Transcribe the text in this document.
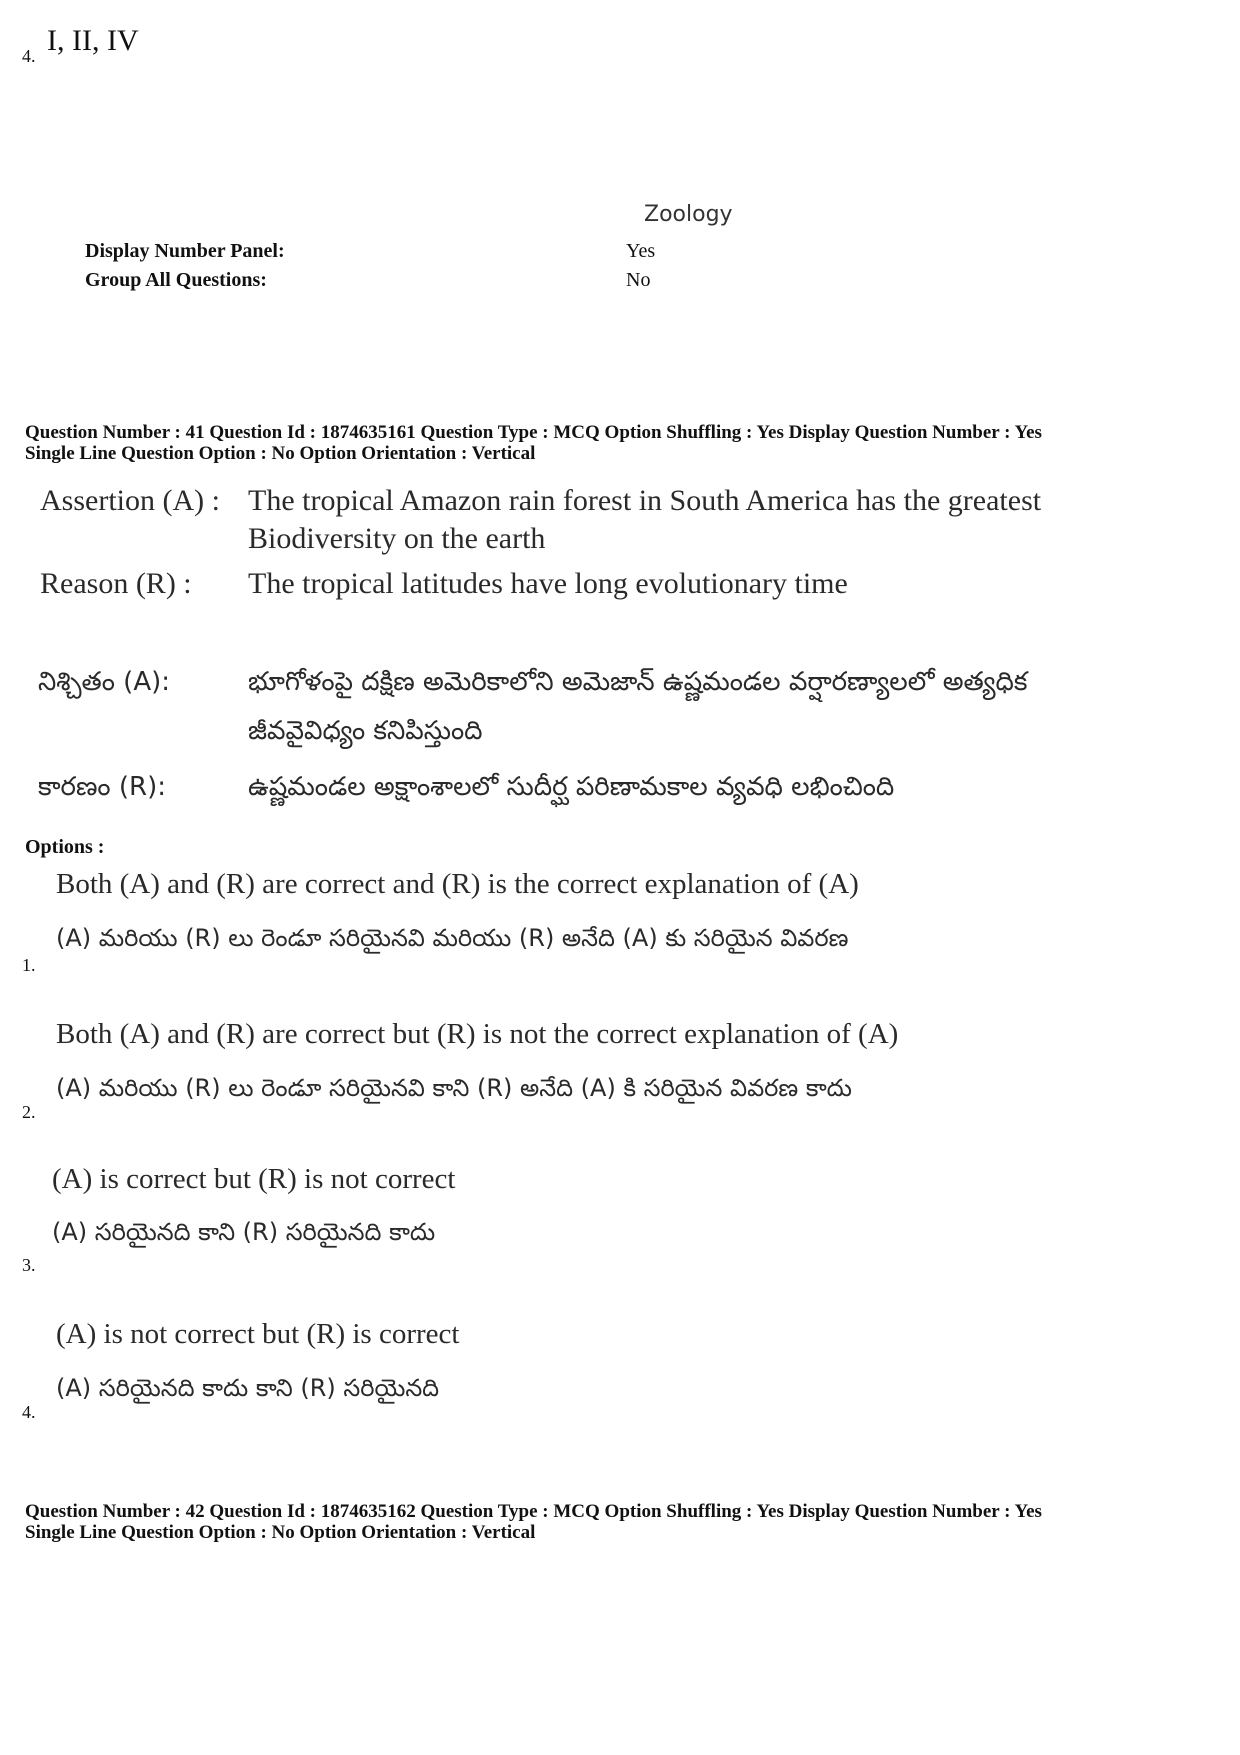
4. I, II, IV
Zoology
Display Number Panel:	Yes
Group All Questions:	No
Question Number : 41 Question Id : 1874635161 Question Type : MCQ Option Shuffling : Yes Display Question Number : Yes
Single Line Question Option : No Option Orientation : Vertical
Assertion (A) : The tropical Amazon rain forest in South America has the greatest
Biodiversity on the earth
Reason (R) : The tropical latitudes have long evolutionary time
నిశ్చితం (A):	భూగోళంపై దక్షిణ అమెరికాలోని అమెజాన్ ఉష్ణమండల వర్షారణ్యాలలో అత్యధిక
జీవవైవిధ్యం కనిపిస్తుంది
కారణం (R):	ఉష్ణమండల అక్షాంశాలలో సుదీర్ఘ పరిణామకాల వ్యవధి లభించింది
Options :
Both (A) and (R) are correct and (R) is the correct explanation of (A)
(A) మరియు (R) లు రెండూ సరియైనవి మరియు (R) అనేది (A) కు సరియైన వివరణ
1.
Both (A) and (R) are correct but (R) is not the correct explanation of (A)
(A) మరియు (R) లు రెండూ సరియైనవి కాని (R) అనేది (A) కి సరియైన వివరణ కాదు
2.
(A) is correct but (R) is not correct
(A) సరియైనది కాని (R) సరియైనది కాదు
3.
(A) is not correct but (R) is correct
(A) సరియైనది కాదు కాని (R) సరియైనది
4.
Question Number : 42 Question Id : 1874635162 Question Type : MCQ Option Shuffling : Yes Display Question Number : Yes
Single Line Question Option : No Option Orientation : Vertical
